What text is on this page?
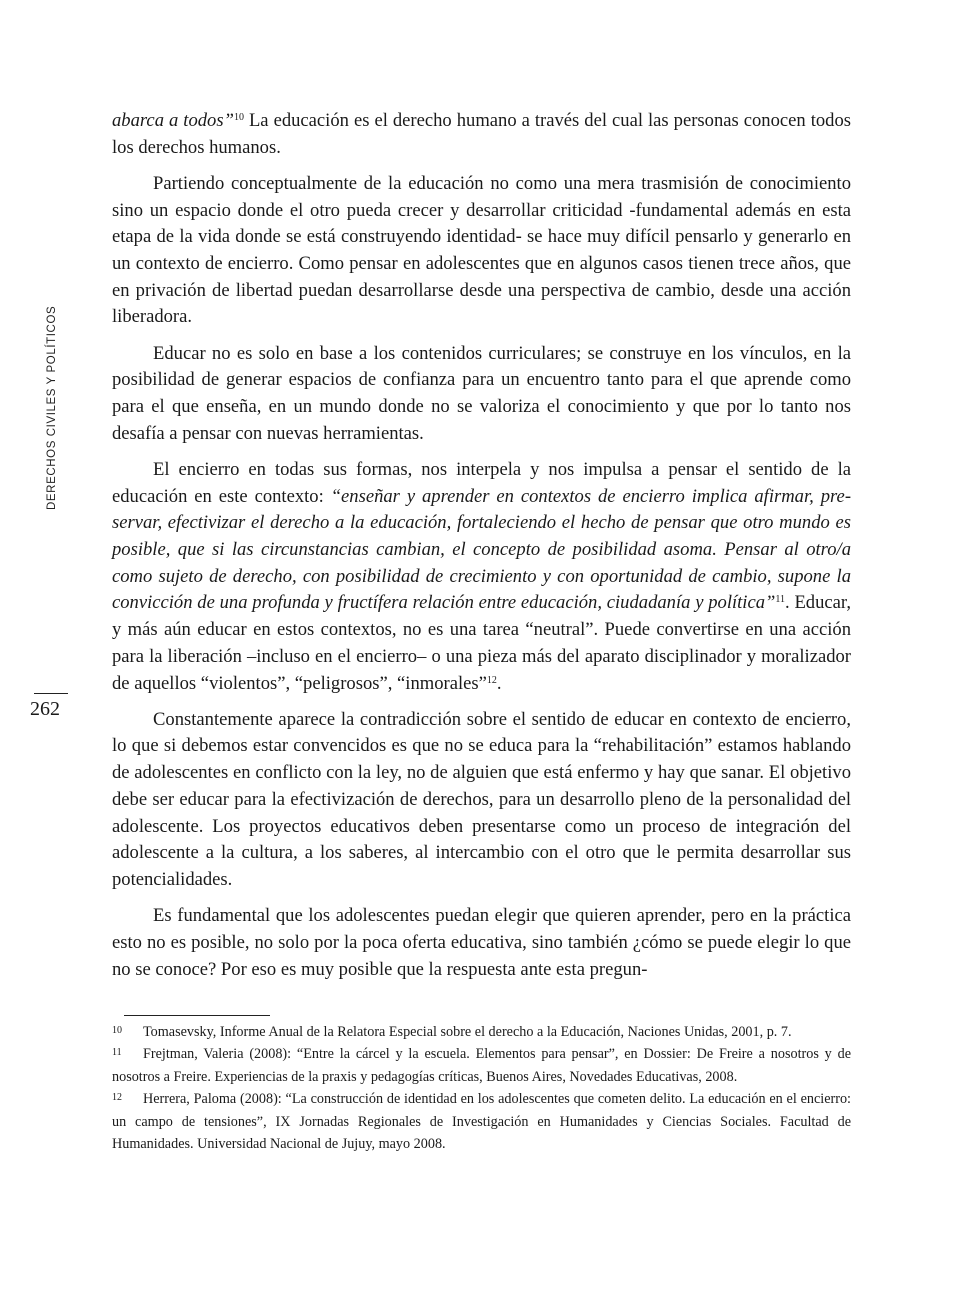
DERECHOS CIVILES Y POLÍTICOS
262

abarca a todos”$^{10}$ La educación es el derecho humano a través del cual las personas conocen todos los derechos humanos.

Partiendo conceptualmente de la educación no como una mera trasmisión de conocimiento sino un espacio donde el otro pueda crecer y desarrollar criticidad -fundamental además en esta etapa de la vida donde se está construyendo identidad- se hace muy difícil pensarlo y generarlo en un contexto de encierro. Como pensar en adolescentes que en algunos casos tienen trece años, que en privación de libertad puedan desarrollarse desde una perspectiva de cambio, desde una acción liberadora.

Educar no es solo en base a los contenidos curriculares; se construye en los vínculos, en la posibilidad de generar espacios de confianza para un encuentro tanto para el que aprende como para el que enseña, en un mundo donde no se valoriza el conocimiento y que por lo tanto nos desafía a pensar con nuevas herramientas.

El encierro en todas sus formas, nos interpela y nos impulsa a pensar el sentido de la educación en este contexto: “enseñar y aprender en contextos de encierro implica afirmar, preservar, efectivizar el derecho a la educación, fortaleciendo el hecho de pensar que otro mundo es posible, que si las circunstancias cambian, el concepto de posibilidad asoma. Pensar al otro/a como sujeto de derecho, con posibilidad de crecimiento y con oportunidad de cambio, supone la convicción de una profunda y fructífera relación entre educación, ciudadanía y política”$^{11}$. Educar, y más aún educar en estos contextos, no es una tarea “neutral”. Puede convertirse en una acción para la liberación –incluso en el encierro– o una pieza más del aparato disciplinador y moralizador de aquellos “violentos”, “peligrosos”, “inmorales”$^{12}$.

Constantemente aparece la contradicción sobre el sentido de educar en contexto de encierro, lo que si debemos estar convencidos es que no se educa para la “rehabilitación” estamos hablando de adolescentes en conflicto con la ley, no de alguien que está enfermo y hay que sanar. El objetivo debe ser educar para la efectivización de derechos, para un desarrollo pleno de la personalidad del adolescente. Los proyectos educativos deben presentarse como un proceso de integración del adolescente a la cultura, a los saberes, al intercambio con el otro que le permita desarrollar sus potencialidades.

Es fundamental que los adolescentes puedan elegir que quieren aprender, pero en la práctica esto no es posible, no solo por la poca oferta educativa, sino también ¿cómo se puede elegir lo que no se conoce? Por eso es muy posible que la respuesta ante esta pregun-

10 Tomasevsky, Informe Anual de la Relatora Especial sobre el derecho a la Educación, Naciones Unidas, 2001, p. 7.

11 Frejtman, Valeria (2008): “Entre la cárcel y la escuela. Elementos para pensar”, en Dossier: De Freire a nosotros y de nosotros a Freire. Experiencias de la praxis y pedagogías críticas, Buenos Aires, Novedades Educativas, 2008.

12 Herrera, Paloma (2008): “La construcción de identidad en los adolescentes que cometen delito. La educación en el encierro: un campo de tensiones”, IX Jornadas Regionales de Investigación en Humanidades y Ciencias Sociales. Facultad de Humanidades. Universidad Nacional de Jujuy, mayo 2008.
